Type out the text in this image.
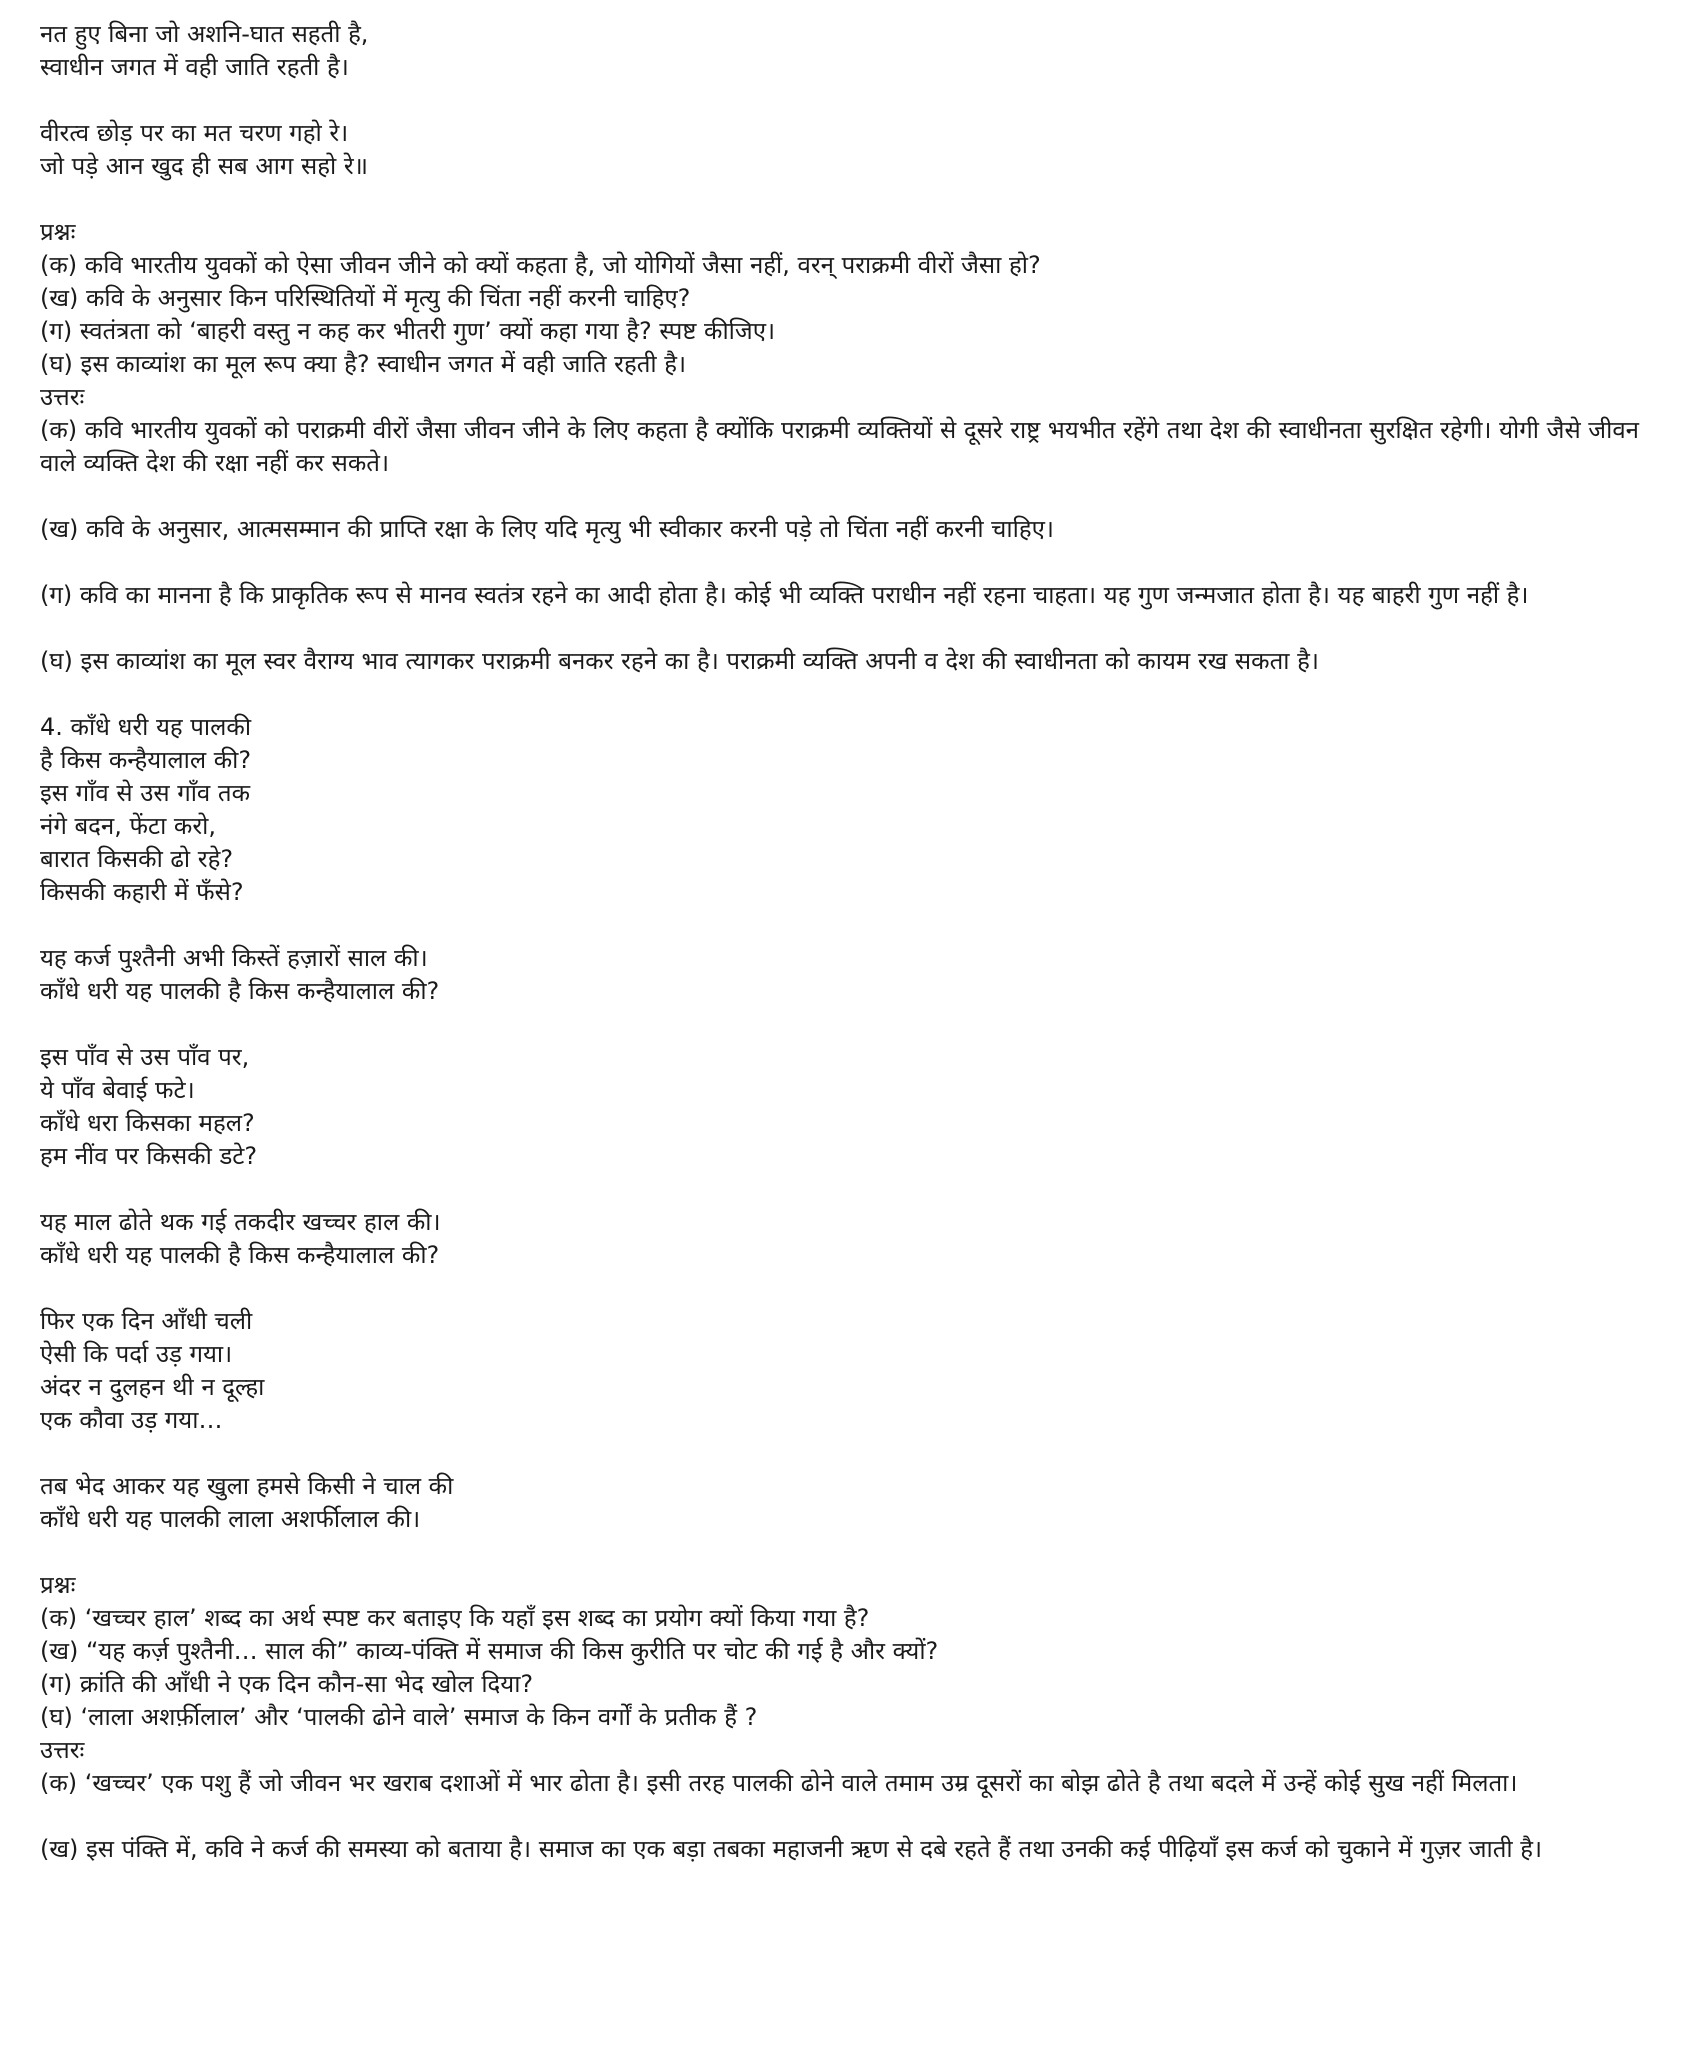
नत हुए बिना जो अशनि-घात सहती है,
स्वाधीन जगत में वही जाति रहती है।
वीरत्व छोड़ पर का मत चरण गहो रे।
जो पड़े आन खुद ही सब आग सहो रे॥
प्रश्नः
(क) कवि भारतीय युवकों को ऐसा जीवन जीने को क्यों कहता है, जो योगियों जैसा नहीं, वरन् पराक्रमी वीरों जैसा हो?
(ख) कवि के अनुसार किन परिस्थितियों में मृत्यु की चिंता नहीं करनी चाहिए?
(ग) स्वतंत्रता को ‘बाहरी वस्तु न कह कर भीतरी गुण’ क्यों कहा गया है? स्पष्ट कीजिए।
(घ) इस काव्यांश का मूल रूप क्या है? स्वाधीन जगत में वही जाति रहती है।
उत्तरः
(क) कवि भारतीय युवकों को पराक्रमी वीरों जैसा जीवन जीने के लिए कहता है क्योंकि पराक्रमी व्यक्तियों से दूसरे राष्ट्र भयभीत रहेंगे तथा देश की स्वाधीनता सुरक्षित रहेगी। योगी जैसे जीवन वाले व्यक्ति देश की रक्षा नहीं कर सकते।
(ख) कवि के अनुसार, आत्मसम्मान की प्राप्ति रक्षा के लिए यदि मृत्यु भी स्वीकार करनी पड़े तो चिंता नहीं करनी चाहिए।
(ग) कवि का मानना है कि प्राकृतिक रूप से मानव स्वतंत्र रहने का आदी होता है। कोई भी व्यक्ति पराधीन नहीं रहना चाहता। यह गुण जन्मजात होता है। यह बाहरी गुण नहीं है।
(घ) इस काव्यांश का मूल स्वर वैराग्य भाव त्यागकर पराक्रमी बनकर रहने का है। पराक्रमी व्यक्ति अपनी व देश की स्वाधीनता को कायम रख सकता है।
4. काँधे धरी यह पालकी
है किस कन्हैयालाल की?
इस गाँव से उस गाँव तक
नंगे बदन, फेंटा करो,
बारात किसकी ढो रहे?
किसकी कहारी में फँसे?
यह कर्ज पुश्तैनी अभी किस्तें हज़ारों साल की।
काँधे धरी यह पालकी है किस कन्हैयालाल की?
इस पाँव से उस पाँव पर,
ये पाँव बेवाई फटे।
काँधे धरा किसका महल?
हम नींव पर किसकी डटे?
यह माल ढोते थक गई तकदीर खच्चर हाल की।
काँधे धरी यह पालकी है किस कन्हैयालाल की?
फिर एक दिन आँधी चली
ऐसी कि पर्दा उड़ गया।
अंदर न दुलहन थी न दूल्हा
एक कौवा उड़ गया…
तब भेद आकर यह खुला हमसे किसी ने चाल की
काँधे धरी यह पालकी लाला अशर्फीलाल की।
प्रश्नः
(क) ‘खच्चर हाल’ शब्द का अर्थ स्पष्ट कर बताइए कि यहाँ इस शब्द का प्रयोग क्यों किया गया है?
(ख) “यह कर्ज़ पुश्तैनी… साल की” काव्य-पंक्ति में समाज की किस कुरीति पर चोट की गई है और क्यों?
(ग) क्रांति की आँधी ने एक दिन कौन-सा भेद खोल दिया?
(घ) ‘लाला अशर्फ़ीलाल’ और ‘पालकी ढोने वाले’ समाज के किन वर्गों के प्रतीक हैं ?
उत्तरः
(क) ‘खच्चर’ एक पशु हैं जो जीवन भर खराब दशाओं में भार ढोता है। इसी तरह पालकी ढोने वाले तमाम उम्र दूसरों का बोझ ढोते है तथा बदले में उन्हें कोई सुख नहीं मिलता।
(ख) इस पंक्ति में, कवि ने कर्ज की समस्या को बताया है। समाज का एक बड़ा तबका महाजनी ऋण से दबे रहते हैं तथा उनकी कई पीढ़ियाँ इस कर्ज को चुकाने में गुज़र जाती है।
